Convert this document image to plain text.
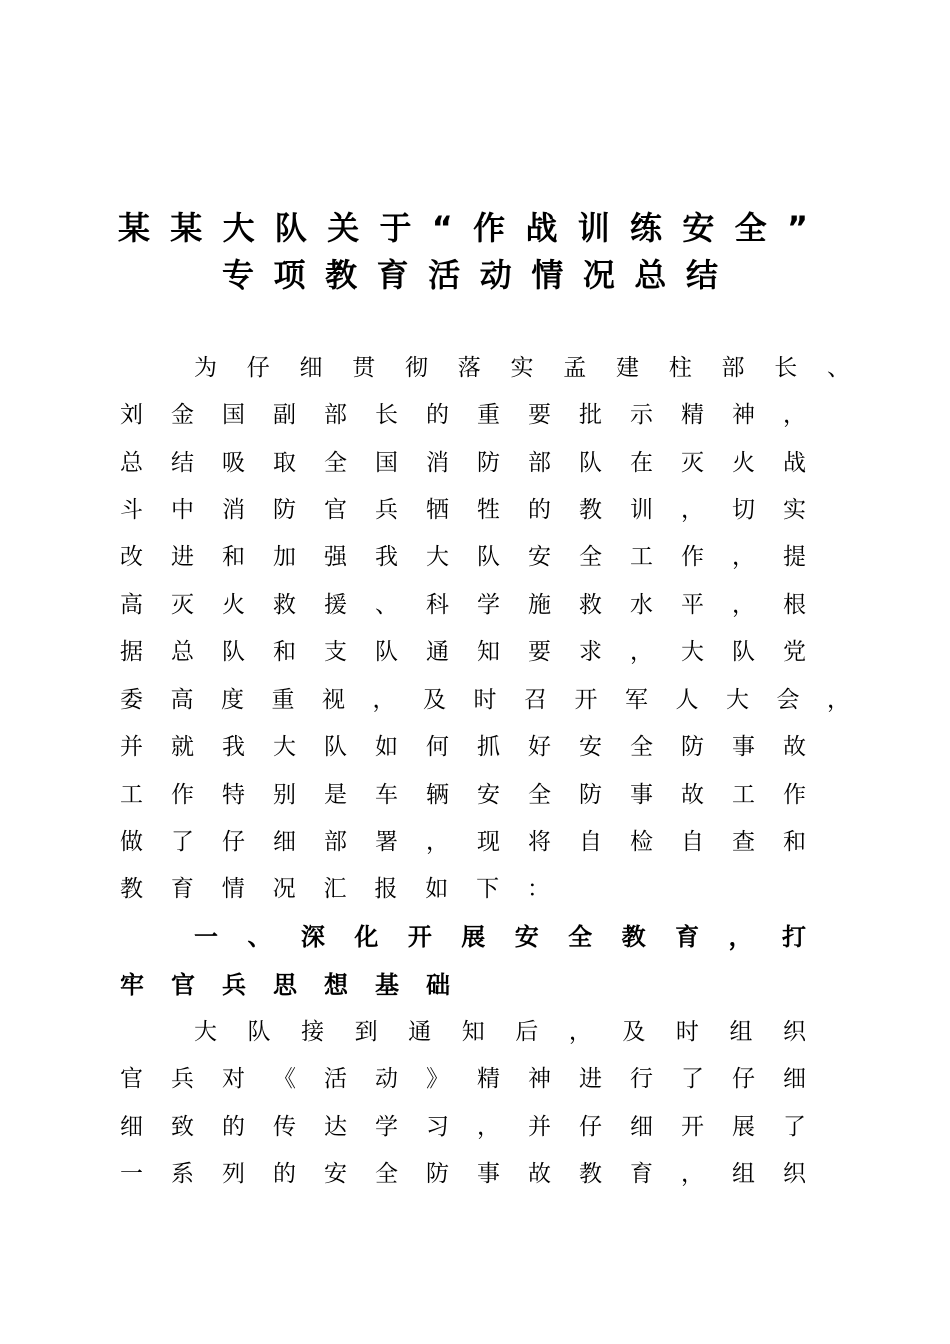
某某大队关于“作战训练安全”
专项教育活动情况总结

为仔细贯彻落实孟建柱部长、

刘金国副部长的重要批示精神，

总结吸取全国消防部队在灭火战

斗中消防官兵牺牲的教训，切实

改进和加强我大队安全工作，提

高灭火救援、科学施救水平，根

据总队和支队通知要求，大队党

委高度重视，及时召开军人大会，

并就我大队如何抓好安全防事故

工作特别是车辆安全防事故工作

做了仔细部署，现将自检自查和

教育情况汇报如下：

一、深化开展安全教育，打

牢官兵思想基础

大队接到通知后，及时组织

官兵对《活动》精神进行了仔细

细致的传达学习，并仔细开展了

一系列的安全防事故教育，组织
